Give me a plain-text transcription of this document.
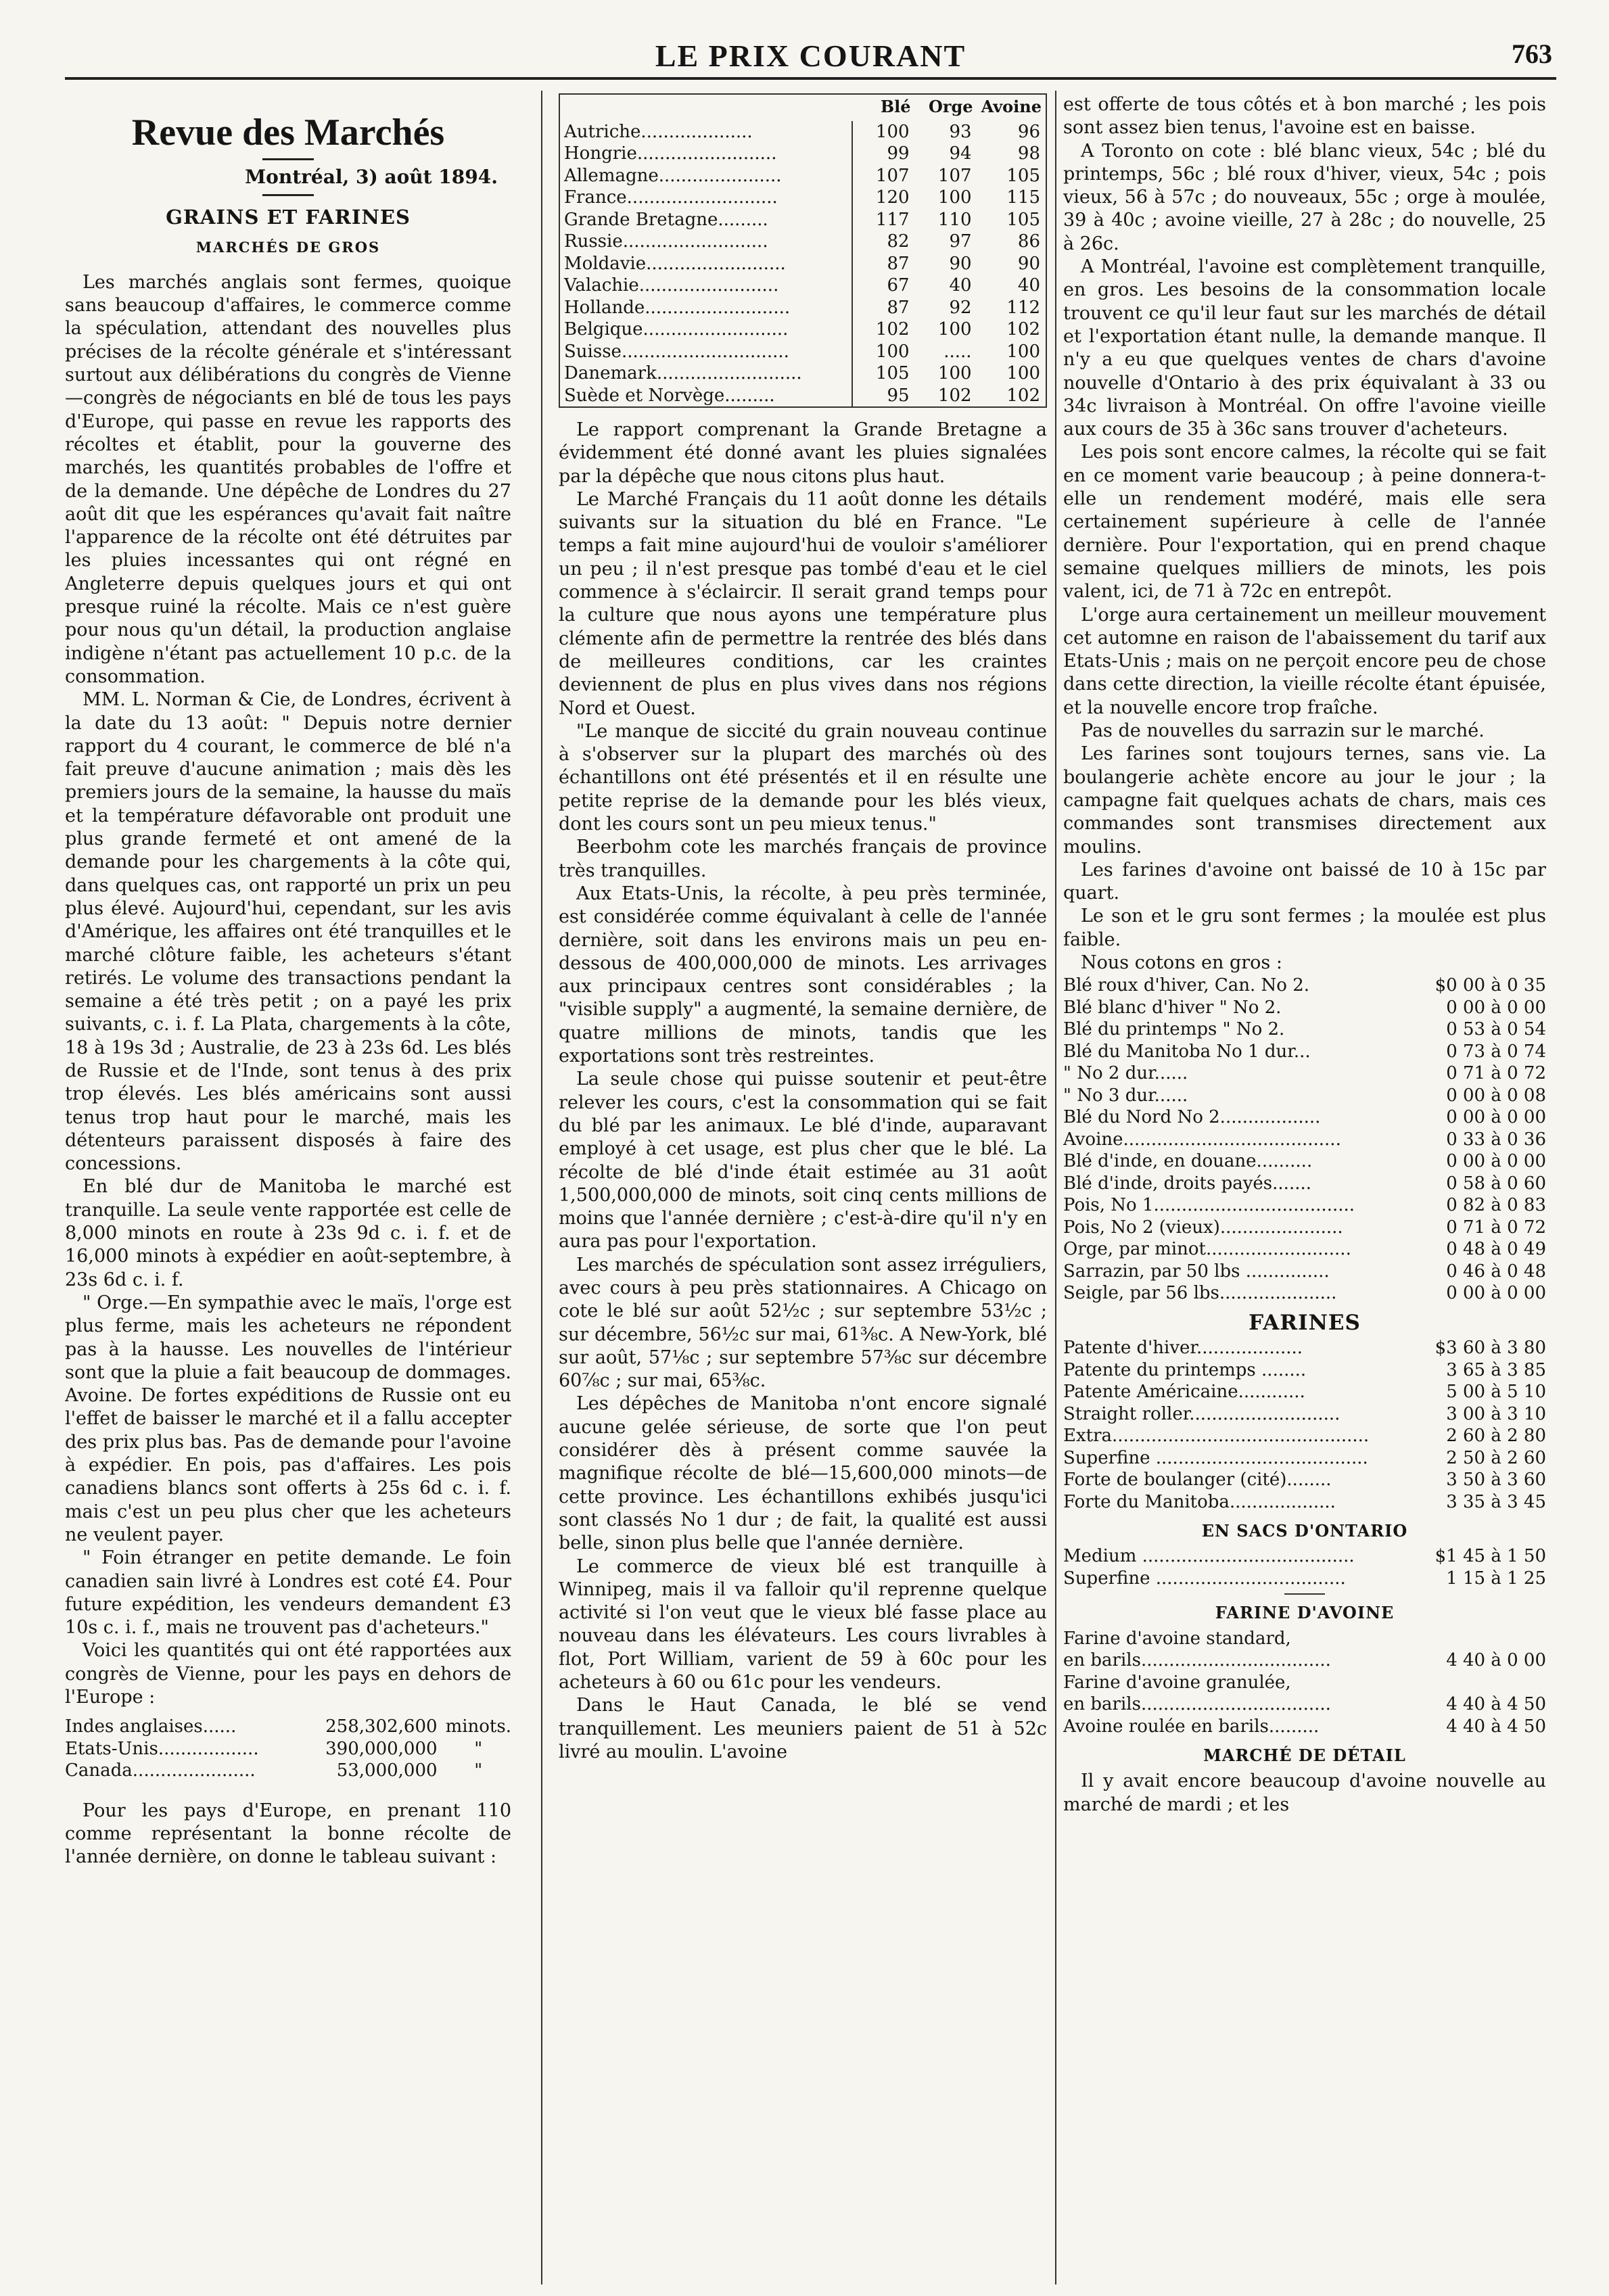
LE PRIX COURANT	763
Revue des Marchés
Montréal, 3) août 1894.
GRAINS ET FARINES
MARCHÉS DE GROS

Les marchés anglais sont fermes, quoique sans beaucoup d'affaires, le commerce comme la spéculation, attendant des nouvelles plus précises de la récolte générale et s'intéressant surtout aux délibérations du congrès de Vienne—congrès de négociants en blé de tous les pays d'Europe, qui passe en revue les rapports des récoltes et établit, pour la gouverne des marchés, les quantités probables de l'offre et de la demande. Une dépêche de Londres du 27 août dit que les espérances qu'avait fait naître l'apparence de la récolte ont été détruites par les pluies incessantes qui ont régné en Angleterre depuis quelques jours et qui ont presque ruiné la récolte. Mais ce n'est guère pour nous qu'un détail, la production anglaise indigène n'étant pas actuellement 10 p.c. de la consommation.

MM. L. Norman & Cie, de Londres, écrivent à la date du 13 août: " Depuis notre dernier rapport du 4 courant, le commerce de blé n'a fait preuve d'aucune animation ; mais dès les premiers jours de la semaine, la hausse du maïs et la température défavorable ont produit une plus grande fermeté et ont amené de la demande pour les chargements à la côte qui, dans quelques cas, ont rapporté un prix un peu plus élevé. Aujourd'hui, cependant, sur les avis d'Amérique, les affaires ont été tranquilles et le marché clôture faible, les acheteurs s'étant retirés. Le volume des transactions pendant la semaine a été très petit ; on a payé les prix suivants, c. i. f. La Plata, chargements à la côte, 18 à 19s 3d ; Australie, de 23 à 23s 6d. Les blés de Russie et de l'Inde, sont tenus à des prix trop élevés. Les blés américains sont aussi tenus trop haut pour le marché, mais les détenteurs paraissent disposés à faire des concessions.

En blé dur de Manitoba le marché est tranquille. La seule vente rapportée est celle de 8,000 minots en route à 23s 9d c. i. f. et de 16,000 minots à expédier en août-septembre, à 23s 6d c. i. f.

" Orge.—En sympathie avec le maïs, l'orge est plus ferme, mais les acheteurs ne répondent pas à la hausse. Les nouvelles de l'intérieur sont que la pluie a fait beaucoup de dommages. Avoine. De fortes expéditions de Russie ont eu l'effet de baisser le marché et il a fallu accepter des prix plus bas. Pas de demande pour l'avoine à expédier. En pois, pas d'affaires. Les pois canadiens blancs sont offerts à 25s 6d c. i. f. mais c'est un peu plus cher que les acheteurs ne veulent payer.

" Foin étranger en petite demande. Le foin canadien sain livré à Londres est coté £4. Pour future expédition, les vendeurs demandent £3 10s c. i. f., mais ne trouvent pas d'acheteurs."

Voici les quantités qui ont été rapportées aux congrès de Vienne, pour les pays en dehors de l'Europe :

Indes anglaises......	258,302,600	minots.
Etats-Unis..................	390,000,000	"
Canada......................	53,000,000	"

Pour les pays d'Europe, en prenant 110 comme représentant la bonne récolte de l'année dernière, on donne le tableau suivant :

	Blé	Orge	Avoine
Autriche....................	100	93	96
Hongrie.........................	99	94	98
Allemagne......................	107	107	105
France...........................	120	100	115
Grande Bretagne.........	117	110	105
Russie..........................	82	97	86
Moldavie.........................	87	90	90
Valachie.........................	67	40	40
Hollande..........................	87	92	112
Belgique..........................	102	100	102
Suisse..............................	100	.....	100
Danemark..........................	105	100	100
Suède et Norvège.........	95	102	102

Le rapport comprenant la Grande Bretagne a évidemment été donné avant les pluies signalées par la dépêche que nous citons plus haut.

Le Marché Français du 11 août donne les détails suivants sur la situation du blé en France. "Le temps a fait mine aujourd'hui de vouloir s'améliorer un peu ; il n'est presque pas tombé d'eau et le ciel commence à s'éclaircir. Il serait grand temps pour la culture que nous ayons une température plus clémente afin de permettre la rentrée des blés dans de meilleures conditions, car les craintes deviennent de plus en plus vives dans nos régions Nord et Ouest.

"Le manque de siccité du grain nouveau continue à s'observer sur la plupart des marchés où des échantillons ont été présentés et il en résulte une petite reprise de la demande pour les blés vieux, dont les cours sont un peu mieux tenus."

Beerbohm cote les marchés français de province très tranquilles.

Aux Etats-Unis, la récolte, à peu près terminée, est considérée comme équivalant à celle de l'année dernière, soit dans les environs mais un peu en-dessous de 400,000,000 de minots. Les arrivages aux principaux centres sont considérables ; la "visible supply" a augmenté, la semaine dernière, de quatre millions de minots, tandis que les exportations sont très restreintes.

La seule chose qui puisse soutenir et peut-être relever les cours, c'est la consommation qui se fait du blé par les animaux. Le blé d'inde, auparavant employé à cet usage, est plus cher que le blé. La récolte de blé d'inde était estimée au 31 août 1,500,000,000 de minots, soit cinq cents millions de moins que l'année dernière ; c'est-à-dire qu'il n'y en aura pas pour l'exportation.

Les marchés de spéculation sont assez irréguliers, avec cours à peu près stationnaires. A Chicago on cote le blé sur août 52½c ; sur septembre 53½c ; sur décembre, 56½c sur mai, 61⅜c. A New-York, blé sur août, 57⅛c ; sur septembre 57⅜c sur décembre 60⅞c ; sur mai, 65⅜c.

Les dépêches de Manitoba n'ont encore signalé aucune gelée sérieuse, de sorte que l'on peut considérer dès à présent comme sauvée la magnifique récolte de blé—15,600,000 minots—de cette province. Les échantillons exhibés jusqu'ici sont classés No 1 dur ; de fait, la qualité est aussi belle, sinon plus belle que l'année dernière.

Le commerce de vieux blé est tranquille à Winnipeg, mais il va falloir qu'il reprenne quelque activité si l'on veut que le vieux blé fasse place au nouveau dans les élévateurs. Les cours livrables à flot, Port William, varient de 59 à 60c pour les acheteurs à 60 ou 61c pour les vendeurs.

Dans le Haut Canada, le blé se vend tranquillement. Les meuniers paient de 51 à 52c livré au moulin. L'avoine

est offerte de tous côtés et à bon marché ; les pois sont assez bien tenus, l'avoine est en baisse.

A Toronto on cote : blé blanc vieux, 54c ; blé du printemps, 56c ; blé roux d'hiver, vieux, 54c ; pois vieux, 56 à 57c ; do nouveaux, 55c ; orge à moulée, 39 à 40c ; avoine vieille, 27 à 28c ; do nouvelle, 25 à 26c.

A Montréal, l'avoine est complètement tranquille, en gros. Les besoins de la consommation locale trouvent ce qu'il leur faut sur les marchés de détail et l'exportation étant nulle, la demande manque. Il n'y a eu que quelques ventes de chars d'avoine nouvelle d'Ontario à des prix équivalant à 33 ou 34c livraison à Montréal. On offre l'avoine vieille aux cours de 35 à 36c sans trouver d'acheteurs.

Les pois sont encore calmes, la récolte qui se fait en ce moment varie beaucoup ; à peine donnera-t-elle un rendement modéré, mais elle sera certainement supérieure à celle de l'année dernière. Pour l'exportation, qui en prend chaque semaine quelques milliers de minots, les pois valent, ici, de 71 à 72c en entrepôt.

L'orge aura certainement un meilleur mouvement cet automne en raison de l'abaissement du tarif aux Etats-Unis ; mais on ne perçoit encore peu de chose dans cette direction, la vieille récolte étant épuisée, et la nouvelle encore trop fraîche.

Pas de nouvelles du sarrazin sur le marché.

Les farines sont toujours ternes, sans vie. La boulangerie achète encore au jour le jour ; la campagne fait quelques achats de chars, mais ces commandes sont transmises directement aux moulins.

Les farines d'avoine ont baissé de 10 à 15c par quart.

Le son et le gru sont fermes ; la moulée est plus faible.

Nous cotons en gros :

Blé roux d'hiver, Can. No 2.	$0 00 à 0 35
Blé blanc d'hiver " No 2.	0 00 à 0 00
Blé du printemps " No 2.	0 53 à 0 54
Blé du Manitoba No 1 dur...	0 73 à 0 74
" No 2 dur......	0 71 à 0 72
" No 3 dur......	0 00 à 0 08
Blé du Nord No 2..................	0 00 à 0 00
Avoine.......................................	0 33 à 0 36
Blé d'inde, en douane..........	0 00 à 0 00
Blé d'inde, droits payés.......	0 58 à 0 60
Pois, No 1....................................	0 82 à 0 83
Pois, No 2 (vieux)......................	0 71 à 0 72
Orge, par minot..........................	0 48 à 0 49
Sarrazin, par 50 lbs ...............	0 46 à 0 48
Seigle, par 56 lbs.....................	0 00 à 0 00
FARINES
Patente d'hiver...................	$3 60 à 3 80
Patente du printemps ........	3 65 à 3 85
Patente Américaine............	5 00 à 5 10
Straight roller...........................	3 00 à 3 10
Extra..............................................	2 60 à 2 80
Superfine ......................................	2 50 à 2 60
Forte de boulanger (cité)........	3 50 à 3 60
Forte du Manitoba...................	3 35 à 3 45
EN SACS D'ONTARIO
Medium ......................................	$1 45 à 1 50
Superfine ..................................	1 15 à 1 25
FARINE D'AVOINE
Farine d'avoine standard,	
en barils..................................	4 40 à 0 00
Farine d'avoine granulée,	
en barils..................................	4 40 à 4 50
Avoine roulée en barils.........	4 40 à 4 50
MARCHÉ DE DÉTAIL

Il y avait encore beaucoup d'avoine nouvelle au marché de mardi ; et les
